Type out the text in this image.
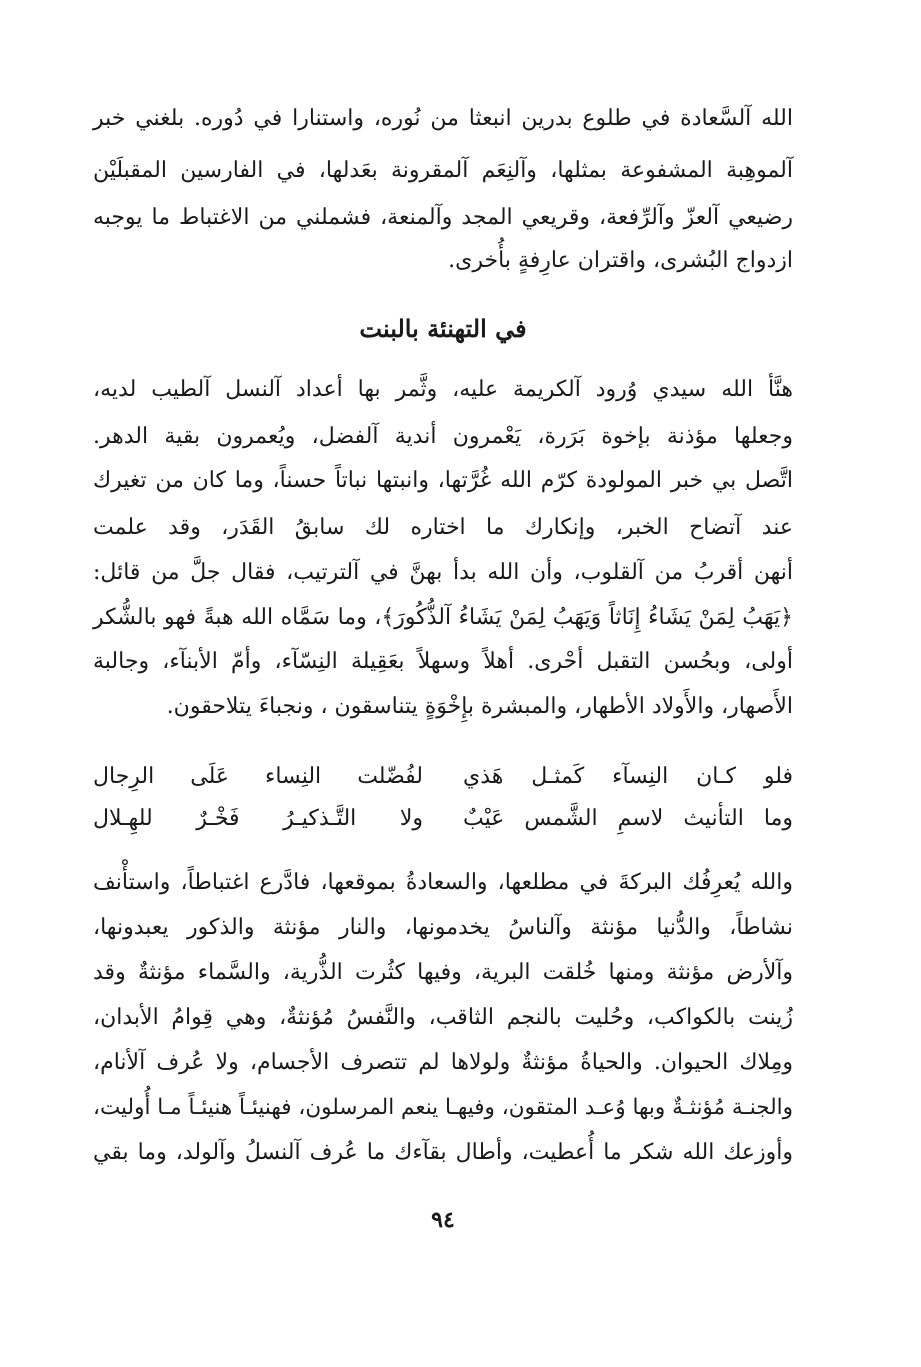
الله آلسَّعادة في طلوع بدرين انبعثا من نُوره، واستنارا في دُوره. بلغني خبر
آلموهِبة المشفوعة بمثلها، وآلنِعَم آلمقرونة بعَدلها، في الفارسين المقبلَيْن
رضيعي آلعزّ وآلرِّفعة، وقريعي المجد وآلمنعة، فشملني من الاغتباط ما يوجبه
ازدواج البُشرى، واقتران عارِفةٍ بأُخرى.
في التهنئة بالبنت
هنَّأ الله سيدي وُرود آلكريمة عليه، وثَّمر بها أعداد آلنسل آلطيب لديه،
وجعلها مؤذنة بإخوة بَرَرة، يَعْمرون أندية آلفضل، ويُعمرون بقية الدهر.
اتَّصل بي خبر المولودة كرّم الله غُرَّتها، وانبتها نباتاً حسناً، وما كان من تغيرك
عند آتضاح الخبر، وإنكارك ما اختاره لك سابقُ القَدَر، وقد علمت
أنهن أقربُ من آلقلوب، وأن الله بدأ بهنَّ في آلترتيب، فقال جلَّ من قائل:
﴿يَهَبُ لِمَنْ يَشَاءُ إِنَاثاً وَيَهَبُ لِمَنْ يَشَاءُ آلذُّكُورَ﴾، وما سَمَّاه الله هبةً فهو بالشُّكر
أولى، وبحُسن التقبل أحْرى. أهلاً وسهلاً بعَقِيلة النِسّآء، وأمّ الأبنآء، وجالبة
الأَصهار، والأَولاد الأطهار، والمبشرة بإِخْوَةٍ يتناسقون ، ونجباءَ يتلاحقون.
فلو كـان النِسآء كَمثـل هَذي
لفُضّلت النِساء عَلَى الرِجال
وما التأنيث لاسمِ الشَّمس عَيْبٌ
ولا التَّـذكيـرُ فَخْـرٌ للهِـلال
والله يُعرِفُك البركةَ في مطلعها، والسعادةُ بموقعها، فادَّرع اغتباطاً، واستأْنف
نشاطاً، والدُّنيا مؤنثة وآلناسُ يخدمونها، والنار مؤنثة والذكور يعبدونها،
وآلأرض مؤنثة ومنها خُلقت البرية، وفيها كثُرت الذُّرية، والسَّماء مؤنثةٌ وقد
زُينت بالكواكب، وحُليت بالنجم الثاقب، والنَّفسُ مُؤنثةٌ، وهي قِوامُ الأبدان،
ومِلاك الحيوان. والحياةُ مؤنثةٌ ولولاها لم تتصرف الأجسام، ولا عُرف آلأنام،
والجنـة مُؤنثـةٌ وبها وُعـد المتقون، وفيهـا ينعم المرسلون، فهنيئـاً هنيئـاً مـا أُوليت،
وأوزعك الله شكر ما أُعطيت، وأطال بقآءك ما عُرف آلنسلُ وآلولد، وما بقي
٩٤
